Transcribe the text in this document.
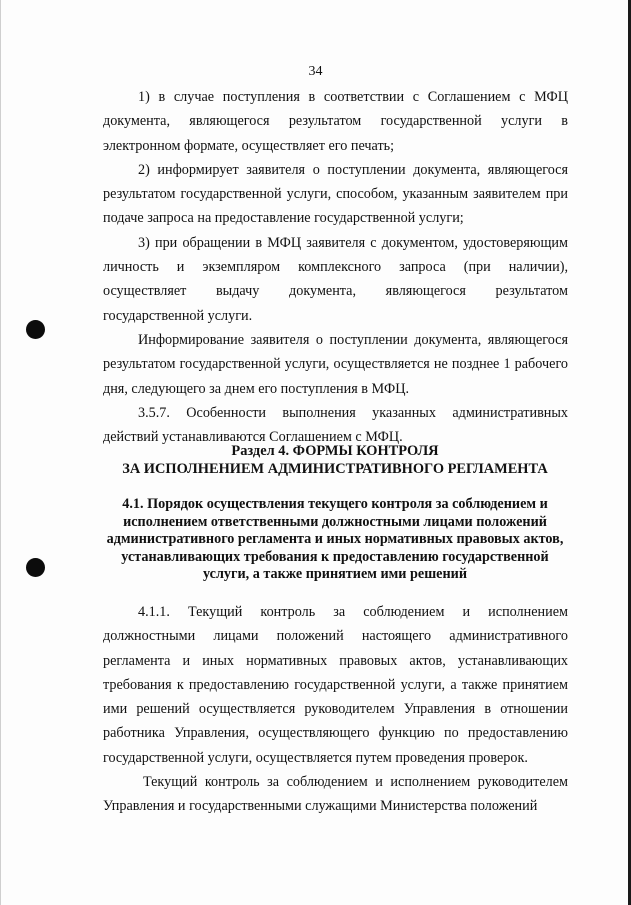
34

1) в случае поступления в соответствии с Соглашением с МФЦ документа, являющегося результатом государственной услуги в электронном формате, осуществляет его печать;

2) информирует заявителя о поступлении документа, являющегося результатом государственной услуги, способом, указанным заявителем при подаче запроса на предоставление государственной услуги;

3) при обращении в МФЦ заявителя с документом, удостоверяющим личность и экземпляром комплексного запроса (при наличии), осуществляет выдачу документа, являющегося результатом государственной услуги.

Информирование заявителя о поступлении документа, являющегося результатом государственной услуги, осуществляется не позднее 1 рабочего дня, следующего за днем его поступления в МФЦ.

3.5.7. Особенности выполнения указанных административных действий устанавливаются Соглашением с МФЦ.

Раздел 4. ФОРМЫ КОНТРОЛЯ
ЗА ИСПОЛНЕНИЕМ АДМИНИСТРАТИВНОГО РЕГЛАМЕНТА
4.1. Порядок осуществления текущего контроля за соблюдением и исполнением ответственными должностными лицами положений административного регламента и иных нормативных правовых актов, устанавливающих требования к предоставлению государственной услуги, а также принятием ими решений

4.1.1. Текущий контроль за соблюдением и исполнением должностными лицами положений настоящего административного регламента и иных нормативных правовых актов, устанавливающих требования к предоставлению государственной услуги, а также принятием ими решений осуществляется руководителем Управления в отношении работника Управления, осуществляющего функцию по предоставлению государственной услуги, осуществляется путем проведения проверок.

Текущий контроль за соблюдением и исполнением руководителем Управления и государственными служащими Министерства положений
